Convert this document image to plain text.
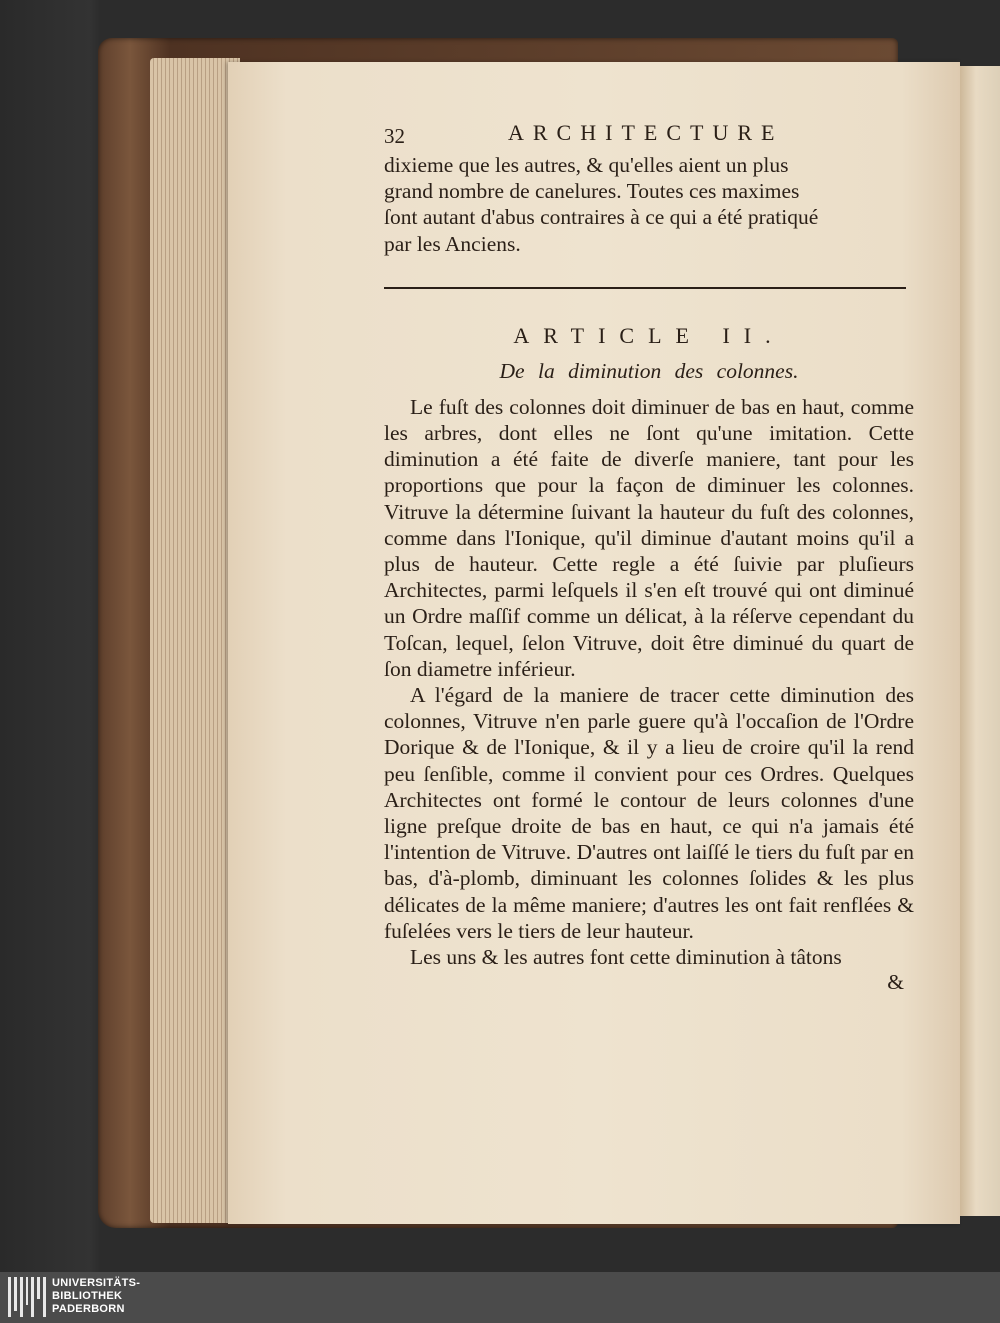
32	ARCHITECTURE

dixieme que les autres, & qu'elles aient un plus

grand nombre de canelures. Toutes ces maximes

ſont autant d'abus contraires à ce qui a été pratiqué

par les Anciens.

ARTICLE II.

De la diminution des colonnes.

Le fuſt des colonnes doit diminuer de bas en haut, comme les arbres, dont elles ne ſont qu'une imitation. Cette diminution a été faite de diverſe maniere, tant pour les proportions que pour la façon de diminuer les colonnes. Vitruve la détermine ſuivant la hauteur du fuſt des colonnes, comme dans l'Ionique, qu'il diminue d'autant moins qu'il a plus de hauteur. Cette regle a été ſuivie par pluſieurs Architectes, parmi leſquels il s'en eſt trouvé qui ont diminué un Ordre maſſif comme un délicat, à la réſerve cependant du Toſcan, lequel, ſelon Vitruve, doit être diminué du quart de ſon diametre inférieur.

A l'égard de la maniere de tracer cette diminution des colonnes, Vitruve n'en parle guere qu'à l'occaſion de l'Ordre Dorique & de l'Ionique, & il y a lieu de croire qu'il la rend peu ſenſible, comme il convient pour ces Ordres. Quelques Architectes ont formé le contour de leurs colonnes d'une ligne preſque droite de bas en haut, ce qui n'a jamais été l'intention de Vitruve. D'autres ont laiſſé le tiers du fuſt par en bas, d'à-plomb, diminuant les colonnes ſolides & les plus délicates de la même maniere; d'autres les ont fait renflées & fuſelées vers le tiers de leur hauteur.

Les uns & les autres font cette diminution à tâtons

&

UNIVERSITÄTS-
BIBLIOTHEK
PADERBORN
